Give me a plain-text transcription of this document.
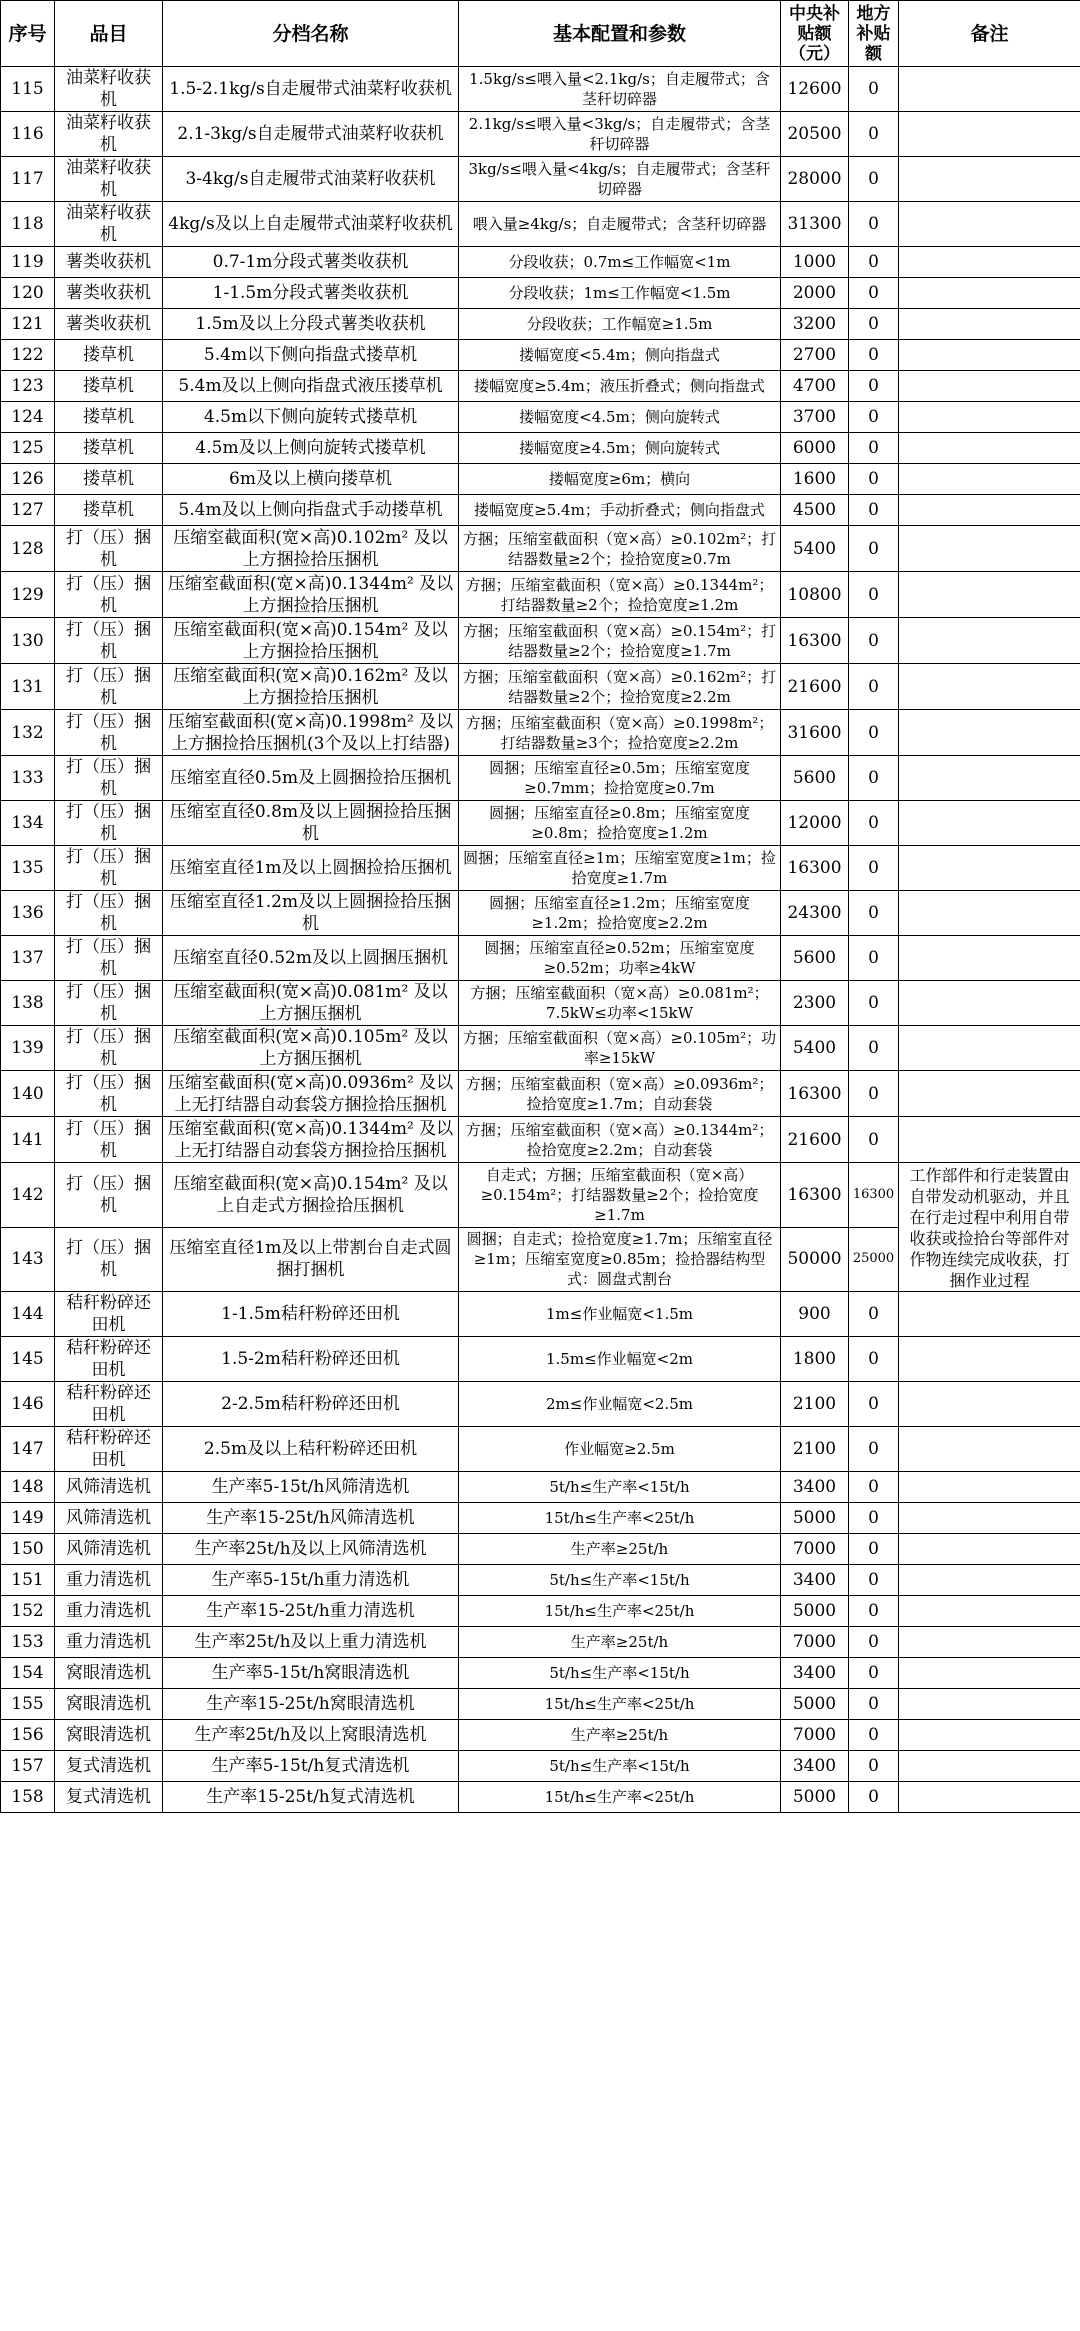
序号	品目	分档名称	基本配置和参数	中央补贴额（元）	地方补贴额	备注
115	油菜籽收获机	1.5-2.1kg/s自走履带式油菜籽收获机	1.5kg/s≤喂入量<2.1kg/s；自走履带式；含茎秆切碎器	12600	0	
116	油菜籽收获机	2.1-3kg/s自走履带式油菜籽收获机	2.1kg/s≤喂入量<3kg/s；自走履带式；含茎秆切碎器	20500	0	
117	油菜籽收获机	3-4kg/s自走履带式油菜籽收获机	3kg/s≤喂入量<4kg/s；自走履带式；含茎秆切碎器	28000	0	
118	油菜籽收获机	4kg/s及以上自走履带式油菜籽收获机	喂入量≥4kg/s；自走履带式；含茎秆切碎器	31300	0	
119	薯类收获机	0.7-1m分段式薯类收获机	分段收获；0.7m≤工作幅宽<1m	1000	0	
120	薯类收获机	1-1.5m分段式薯类收获机	分段收获；1m≤工作幅宽<1.5m	2000	0	
121	薯类收获机	1.5m及以上分段式薯类收获机	分段收获；工作幅宽≥1.5m	3200	0	
122	搂草机	5.4m以下侧向指盘式搂草机	搂幅宽度<5.4m；侧向指盘式	2700	0	
123	搂草机	5.4m及以上侧向指盘式液压搂草机	搂幅宽度≥5.4m；液压折叠式；侧向指盘式	4700	0	
124	搂草机	4.5m以下侧向旋转式搂草机	搂幅宽度<4.5m；侧向旋转式	3700	0	
125	搂草机	4.5m及以上侧向旋转式搂草机	搂幅宽度≥4.5m；侧向旋转式	6000	0	
126	搂草机	6m及以上横向搂草机	搂幅宽度≥6m；横向	1600	0	
127	搂草机	5.4m及以上侧向指盘式手动搂草机	搂幅宽度≥5.4m；手动折叠式；侧向指盘式	4500	0	
128	打（压）捆机	压缩室截面积(宽×高)0.102m² 及以上方捆捡拾压捆机	方捆；压缩室截面积（宽×高）≥0.102m²；打结器数量≥2个；捡拾宽度≥0.7m	5400	0	
129	打（压）捆机	压缩室截面积(宽×高)0.1344m² 及以上方捆捡拾压捆机	方捆；压缩室截面积（宽×高）≥0.1344m²；打结器数量≥2个；捡拾宽度≥1.2m	10800	0	
130	打（压）捆机	压缩室截面积(宽×高)0.154m² 及以上方捆捡拾压捆机	方捆；压缩室截面积（宽×高）≥0.154m²；打结器数量≥2个；捡拾宽度≥1.7m	16300	0	
131	打（压）捆机	压缩室截面积(宽×高)0.162m² 及以上方捆捡拾压捆机	方捆；压缩室截面积（宽×高）≥0.162m²；打结器数量≥2个；捡拾宽度≥2.2m	21600	0	
132	打（压）捆机	压缩室截面积(宽×高)0.1998m² 及以上方捆捡拾压捆机(3个及以上打结器)	方捆；压缩室截面积（宽×高）≥0.1998m²；打结器数量≥3个；捡拾宽度≥2.2m	31600	0	
133	打（压）捆机	压缩室直径0.5m及上圆捆捡拾压捆机	圆捆；压缩室直径≥0.5m；压缩室宽度≥0.7mm；捡拾宽度≥0.7m	5600	0	
134	打（压）捆机	压缩室直径0.8m及以上圆捆捡拾压捆机	圆捆；压缩室直径≥0.8m；压缩室宽度≥0.8m；捡拾宽度≥1.2m	12000	0	
135	打（压）捆机	压缩室直径1m及以上圆捆捡拾压捆机	圆捆；压缩室直径≥1m；压缩室宽度≥1m；捡拾宽度≥1.7m	16300	0	
136	打（压）捆机	压缩室直径1.2m及以上圆捆捡拾压捆机	圆捆；压缩室直径≥1.2m；压缩室宽度≥1.2m；捡拾宽度≥2.2m	24300	0	
137	打（压）捆机	压缩室直径0.52m及以上圆捆压捆机	圆捆；压缩室直径≥0.52m；压缩室宽度≥0.52m；功率≥4kW	5600	0	
138	打（压）捆机	压缩室截面积(宽×高)0.081m² 及以上方捆压捆机	方捆；压缩室截面积（宽×高）≥0.081m²；7.5kW≤功率<15kW	2300	0	
139	打（压）捆机	压缩室截面积(宽×高)0.105m² 及以上方捆压捆机	方捆；压缩室截面积（宽×高）≥0.105m²；功率≥15kW	5400	0	
140	打（压）捆机	压缩室截面积(宽×高)0.0936m² 及以上无打结器自动套袋方捆捡拾压捆机	方捆；压缩室截面积（宽×高）≥0.0936m²；捡拾宽度≥1.7m；自动套袋	16300	0	
141	打（压）捆机	压缩室截面积(宽×高)0.1344m² 及以上无打结器自动套袋方捆捡拾压捆机	方捆；压缩室截面积（宽×高）≥0.1344m²；捡拾宽度≥2.2m；自动套袋	21600	0	
142	打（压）捆机	压缩室截面积(宽×高)0.154m² 及以上自走式方捆捡拾压捆机	自走式；方捆；压缩室截面积（宽×高）≥0.154m²；打结器数量≥2个；捡拾宽度≥1.7m	16300	16300	工作部件和行走装置由自带发动机驱动，并且在行走过程中利用自带收获或捡拾台等部件对作物连续完成收获，打捆作业过程
143	打（压）捆机	压缩室直径1m及以上带割台自走式圆捆打捆机	圆捆；自走式；捡拾宽度≥1.7m；压缩室直径≥1m；压缩室宽度≥0.85m；捡拾器结构型式：圆盘式割台	50000	25000	
144	秸秆粉碎还田机	1-1.5m秸秆粉碎还田机	1m≤作业幅宽<1.5m	900	0	
145	秸秆粉碎还田机	1.5-2m秸秆粉碎还田机	1.5m≤作业幅宽<2m	1800	0	
146	秸秆粉碎还田机	2-2.5m秸秆粉碎还田机	2m≤作业幅宽<2.5m	2100	0	
147	秸秆粉碎还田机	2.5m及以上秸秆粉碎还田机	作业幅宽≥2.5m	2100	0	
148	风筛清选机	生产率5-15t/h风筛清选机	5t/h≤生产率<15t/h	3400	0	
149	风筛清选机	生产率15-25t/h风筛清选机	15t/h≤生产率<25t/h	5000	0	
150	风筛清选机	生产率25t/h及以上风筛清选机	生产率≥25t/h	7000	0	
151	重力清选机	生产率5-15t/h重力清选机	5t/h≤生产率<15t/h	3400	0	
152	重力清选机	生产率15-25t/h重力清选机	15t/h≤生产率<25t/h	5000	0	
153	重力清选机	生产率25t/h及以上重力清选机	生产率≥25t/h	7000	0	
154	窝眼清选机	生产率5-15t/h窝眼清选机	5t/h≤生产率<15t/h	3400	0	
155	窝眼清选机	生产率15-25t/h窝眼清选机	15t/h≤生产率<25t/h	5000	0	
156	窝眼清选机	生产率25t/h及以上窝眼清选机	生产率≥25t/h	7000	0	
157	复式清选机	生产率5-15t/h复式清选机	5t/h≤生产率<15t/h	3400	0	
158	复式清选机	生产率15-25t/h复式清选机	15t/h≤生产率<25t/h	5000	0	
